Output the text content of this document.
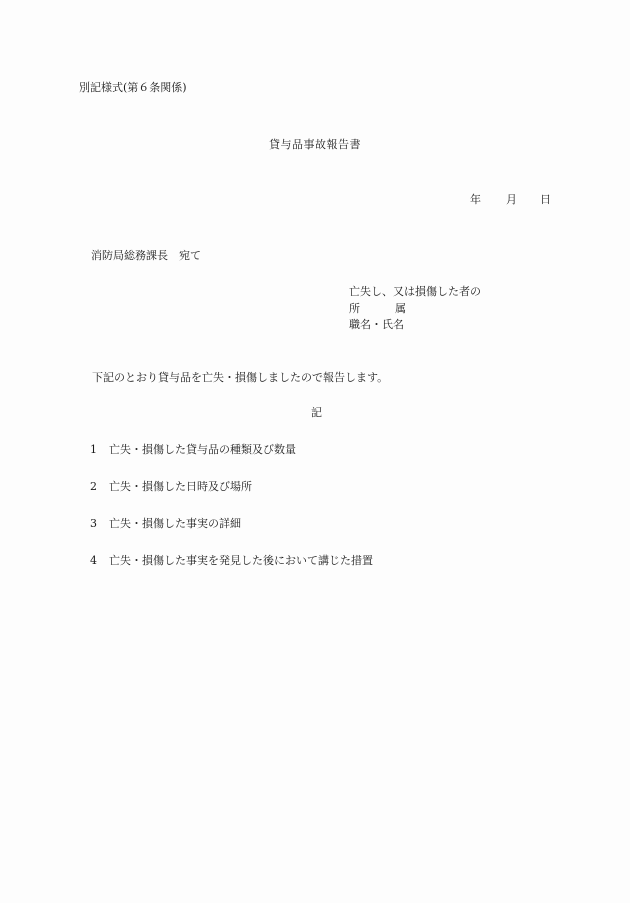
別記様式(第６条関係)
貸与品事故報告書
年 月 日
消防局総務課長　宛て
亡失し、又は損傷した者の
所	属
職名・氏名
下記のとおり貸与品を亡失・損傷しましたので報告します。
記
1 亡失・損傷した貸与品の種類及び数量
2 亡失・損傷した日時及び場所
3 亡失・損傷した事実の詳細
4 亡失・損傷した事実を発見した後において講じた措置
